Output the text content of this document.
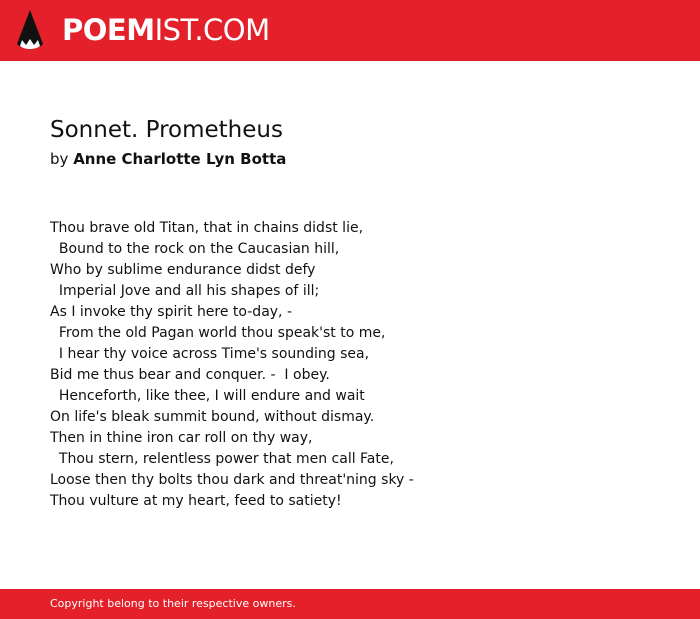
POEMIST.COM
Sonnet. Prometheus
by Anne Charlotte Lyn Botta
Thou brave old Titan, that in chains didst lie,
Bound to the rock on the Caucasian hill,
Who by sublime endurance didst defy
Imperial Jove and all his shapes of ill;
As I invoke thy spirit here to-day, -
From the old Pagan world thou speak'st to me,
I hear thy voice across Time's sounding sea,
Bid me thus bear and conquer. -  I obey.
Henceforth, like thee, I will endure and wait
On life's bleak summit bound, without dismay.
Then in thine iron car roll on thy way,
Thou stern, relentless power that men call Fate,
Loose then thy bolts thou dark and threat'ning sky -
Thou vulture at my heart, feed to satiety!
Copyright belong to their respective owners.
